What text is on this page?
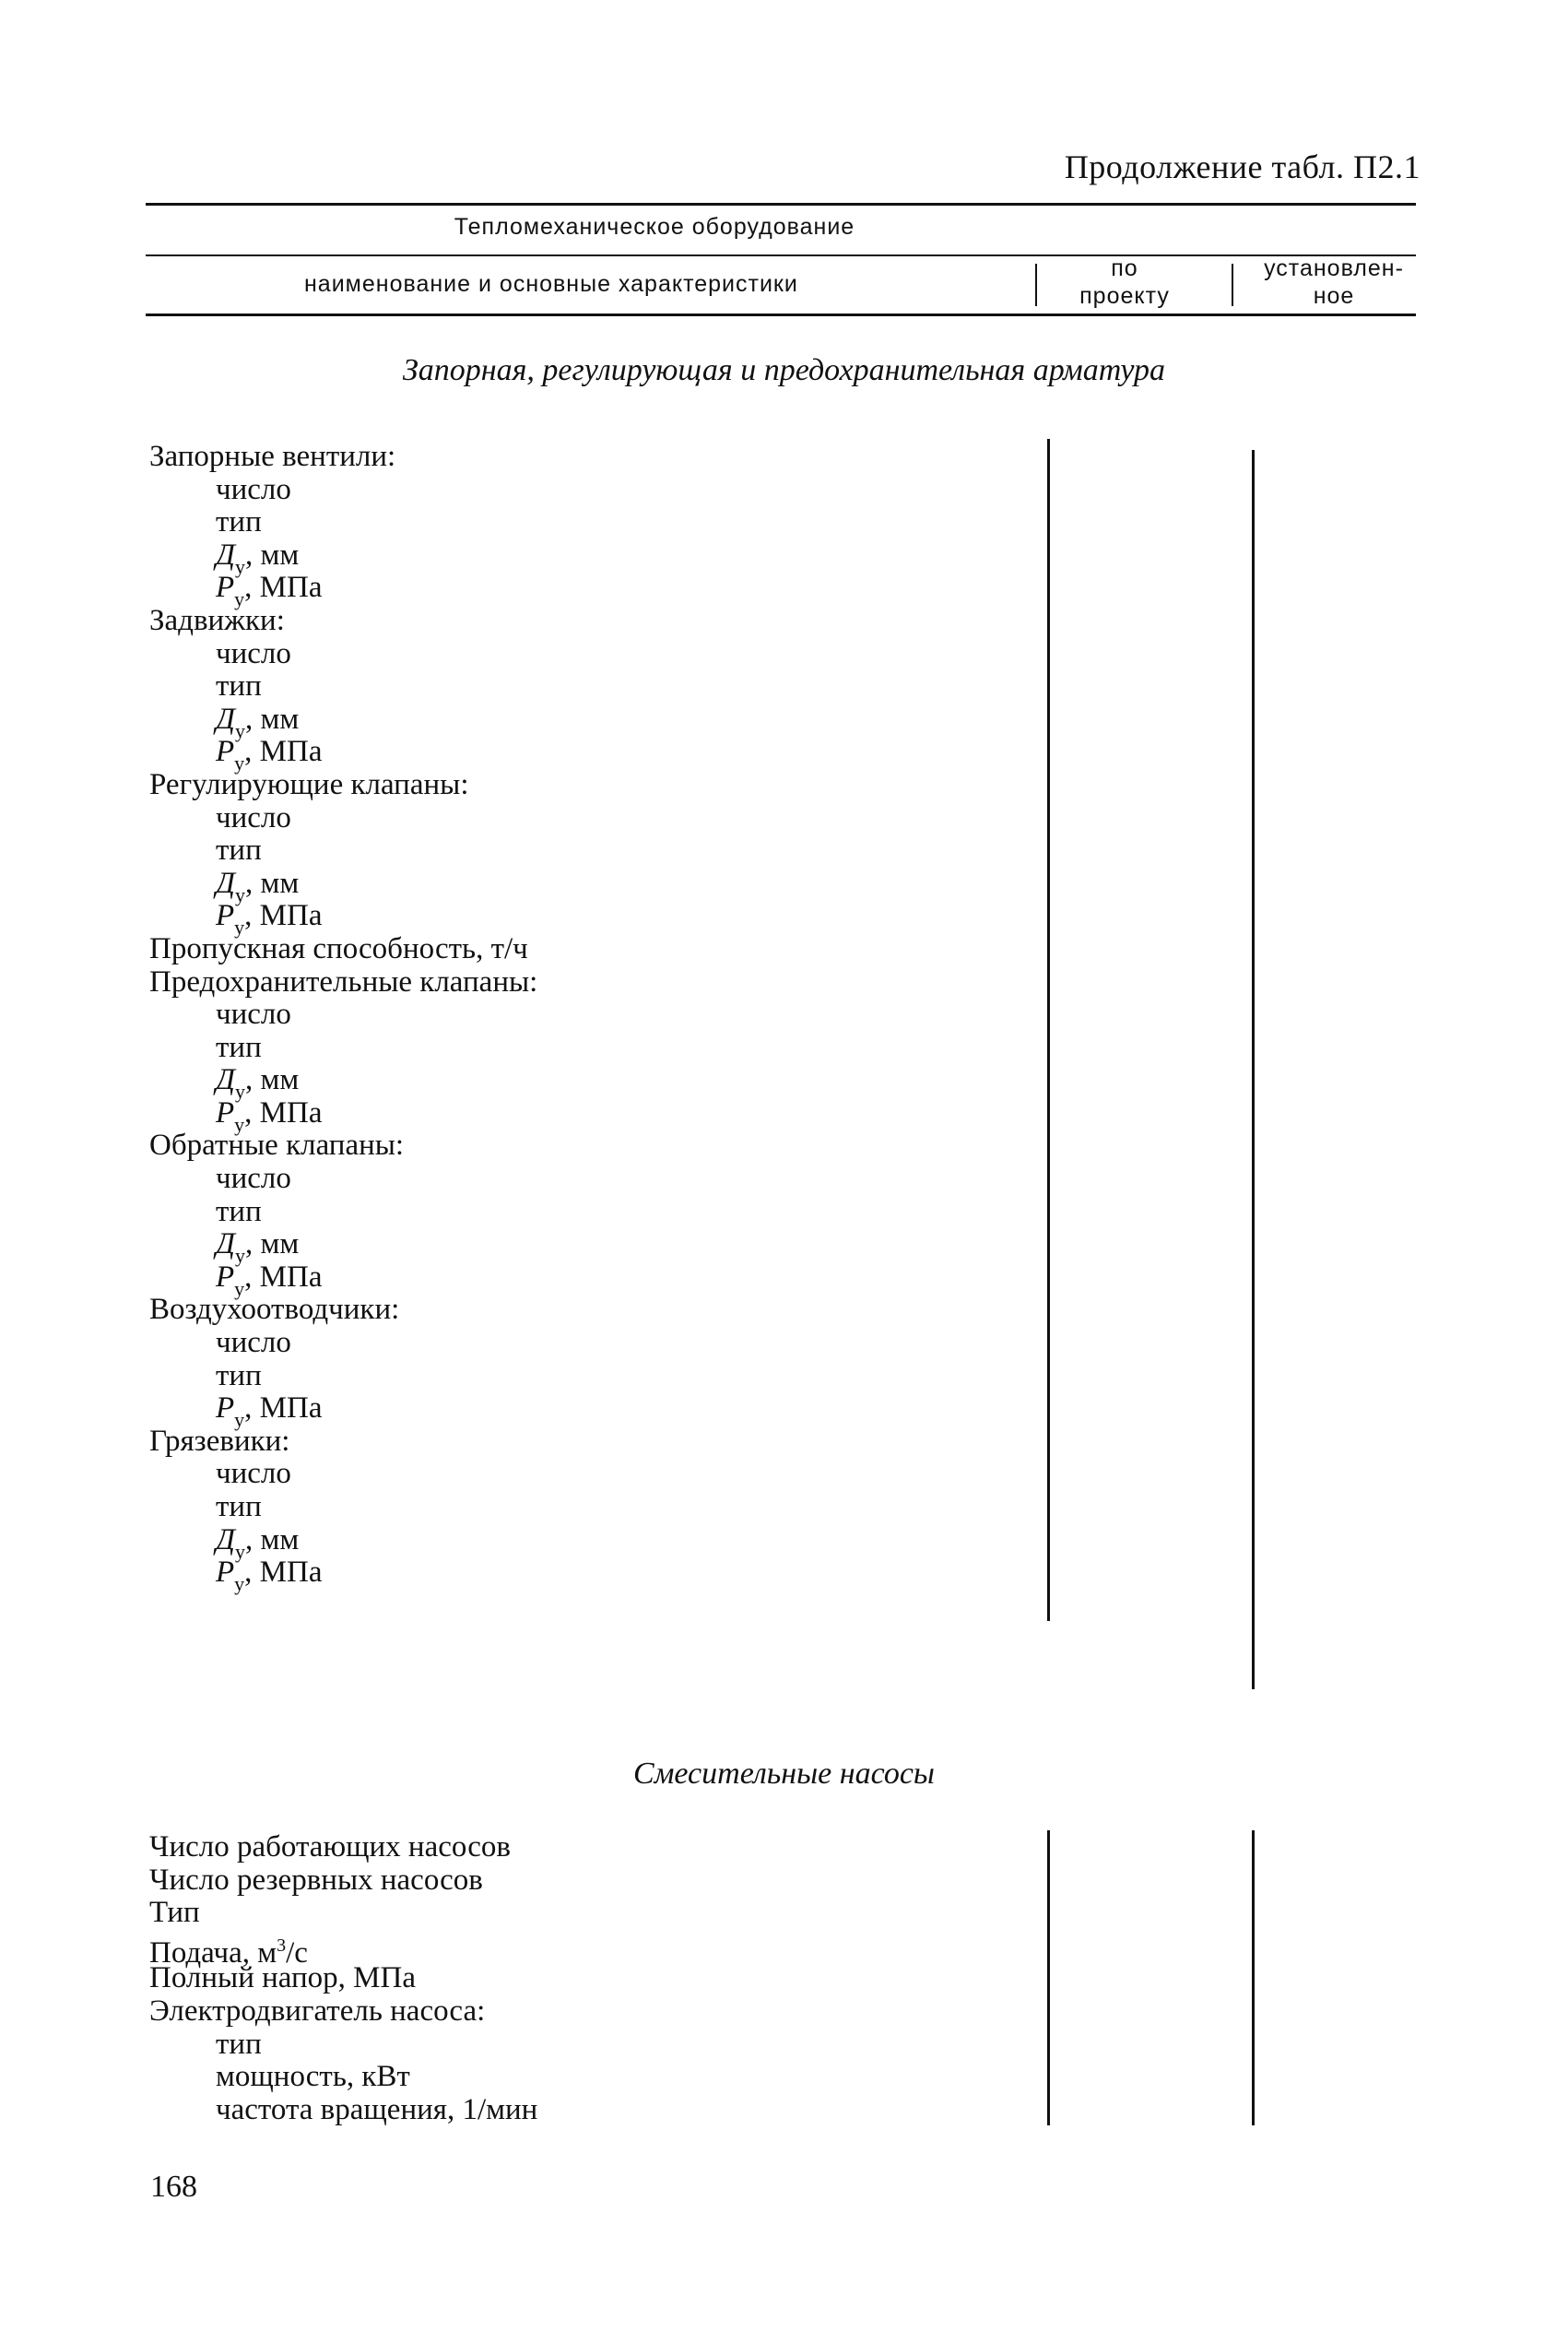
Продолжение табл. П2.1
Тепломеханическое оборудование
наименование и основные характеристики
по
проекту
установлен-
ное
Запорная, регулирующая и предохранительная арматура
Запорные вентили:
число
тип
$Д_у$, мм
$P_у$, МПа
Задвижки:
число
тип
$Д_у$, мм
$P_у$, МПа
Регулирующие клапаны:
число
тип
$Д_у$, мм
$P_у$, МПа
Пропускная способность, т/ч
Предохранительные клапаны:
число
тип
$Д_у$, мм
$P_у$, МПа
Обратные клапаны:
число
тип
$Д_у$, мм
$P_у$, МПа
Воздухоотводчики:
число
тип
$P_у$, МПа
Грязевики:
число
тип
$Д_у$, мм
$P_у$, МПа
Смесительные насосы
Число работающих насосов
Число резервных насосов
Тип
Подача, $м^3/с$
Полный напор, МПа
Электродвигатель насоса:
тип
мощность, кВт
частота вращения, 1/мин
168
